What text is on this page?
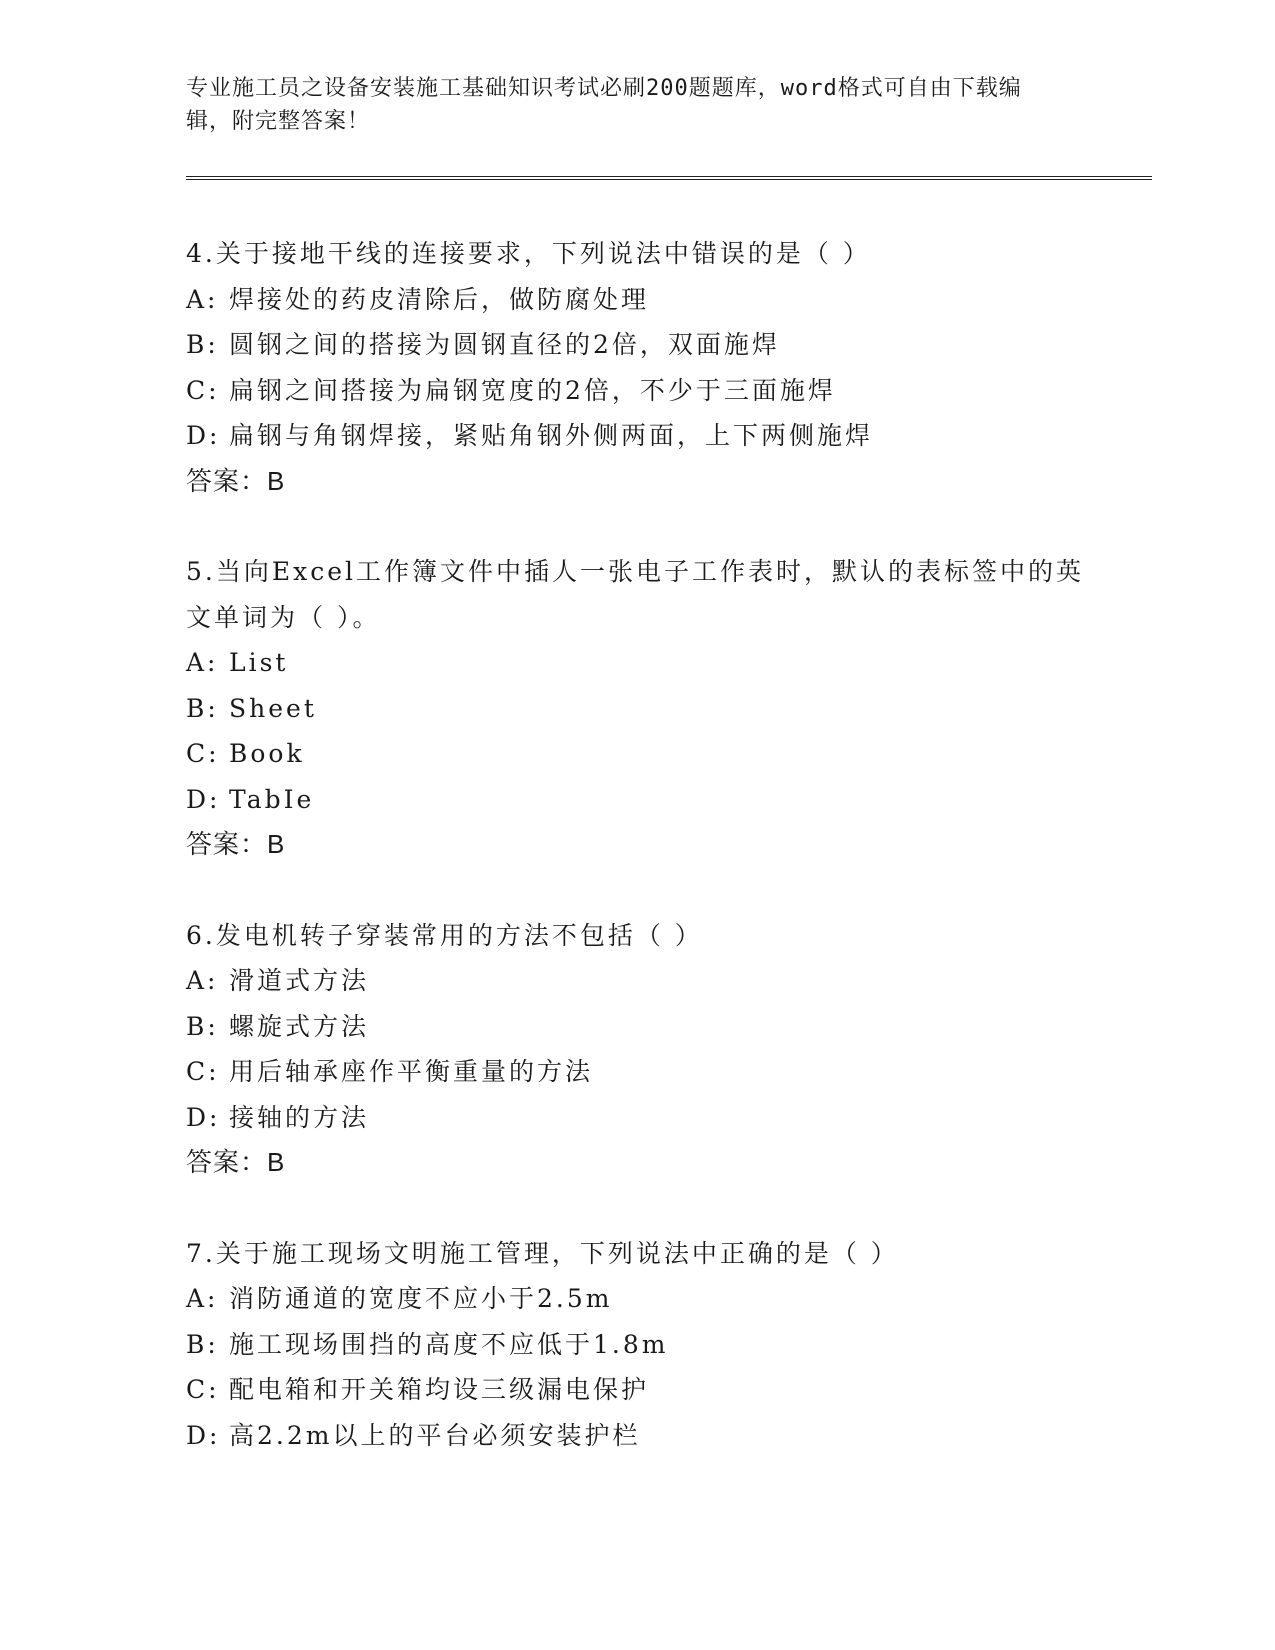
专业施工员之设备安装施工基础知识考试必刷200题题库，word格式可自由下载编辑，附完整答案！

4.关于接地干线的连接要求，下列说法中错误的是（ ）

A: 焊接处的药皮清除后，做防腐处理
B: 圆钢之间的搭接为圆钢直径的2倍，双面施焊
C: 扁钢之间搭接为扁钢宽度的2倍，不少于三面施焊
D: 扁钢与角钢焊接，紧贴角钢外侧两面，上下两侧施焊

答案：B

5.当向Excel工作簿文件中插人一张电子工作表时，默认的表标签中的英文单词为（ ）。

A: List
B: Sheet
C: Book
D: TabIe

答案：B

6.发电机转子穿装常用的方法不包括（ ）

A: 滑道式方法
B: 螺旋式方法
C: 用后轴承座作平衡重量的方法
D: 接轴的方法

答案：B

7.关于施工现场文明施工管理，下列说法中正确的是（ ）

A: 消防通道的宽度不应小于2.5m
B: 施工现场围挡的高度不应低于1.8m
C: 配电箱和开关箱均设三级漏电保护
D: 高2.2m以上的平台必须安装护栏
